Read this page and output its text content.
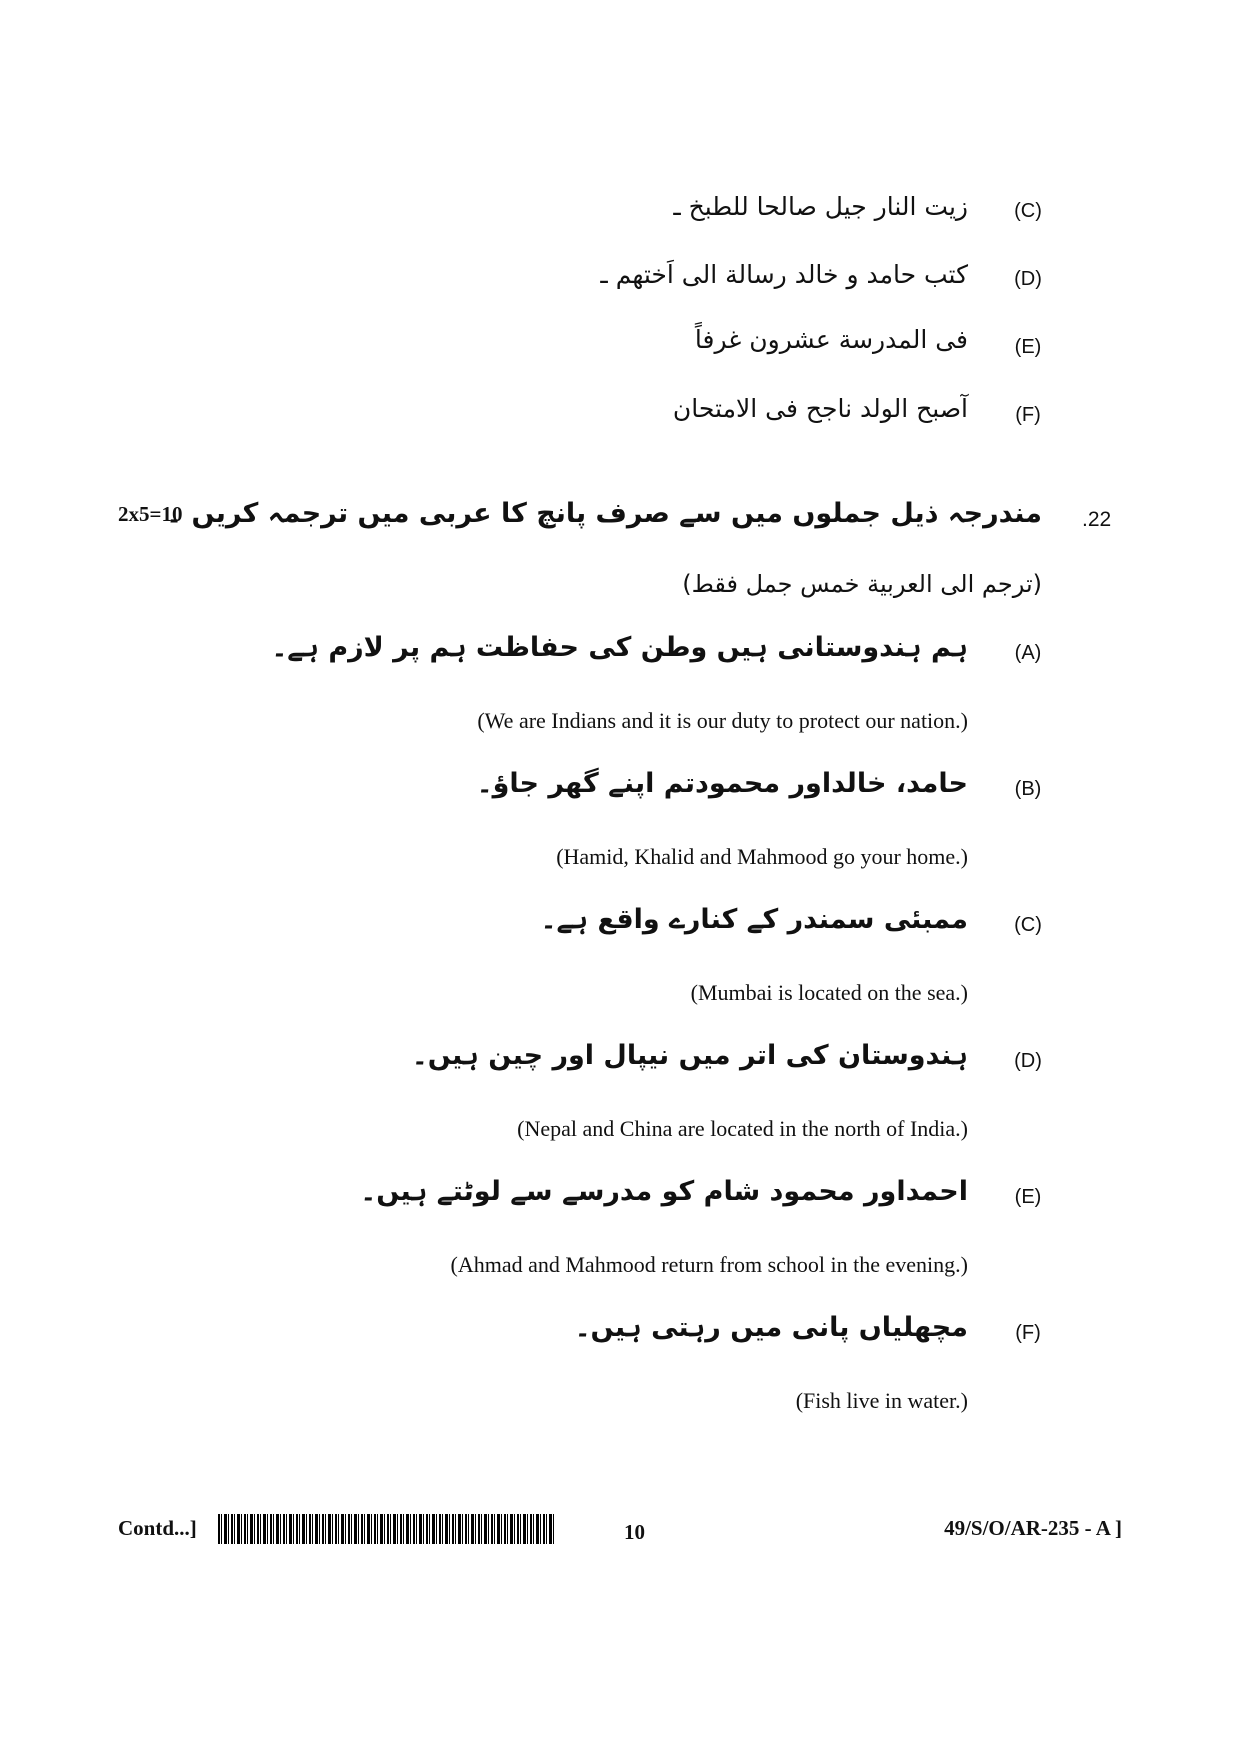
(C)
زيت النار جيل صالحا للطبخ ـ
(D)
كتب حامد و خالد رسالة الى اَختهم ـ
(E)
فى المدرسة عشرون غرفاً
(F)
آصبح الولد ناجح فى الامتحان
2x5=10	.22
مندرجہ ذیل جملوں میں سے صرف پانچ کا عربی میں ترجمہ کریں ۔
(ترجم الى العربية خمس جمل فقط)
(A)
ہم ہندوستانی ہیں وطن کی حفاظت ہم پر لازم ہے۔
(We are Indians and it is our duty to protect our nation.)
(B)
حامد، خالداور محمودتم اپنے گھر جاؤ۔
(Hamid, Khalid and Mahmood go your home.)
(C)
ممبئی سمندر کے کنارے واقع ہے۔
(Mumbai is located on the sea.)
(D)
ہندوستان کی اتر میں نیپال اور چین ہیں۔
(Nepal and China are located in the north of India.)
(E)
احمداور محمود شام کو مدرسے سے لوٹتے ہیں۔
(Ahmad and Mahmood return from school in the evening.)
(F)
مچھلیاں پانی میں رہتی ہیں۔
(Fish live in water.)
Contd...]	10	49/S/O/AR-235 - A ]
